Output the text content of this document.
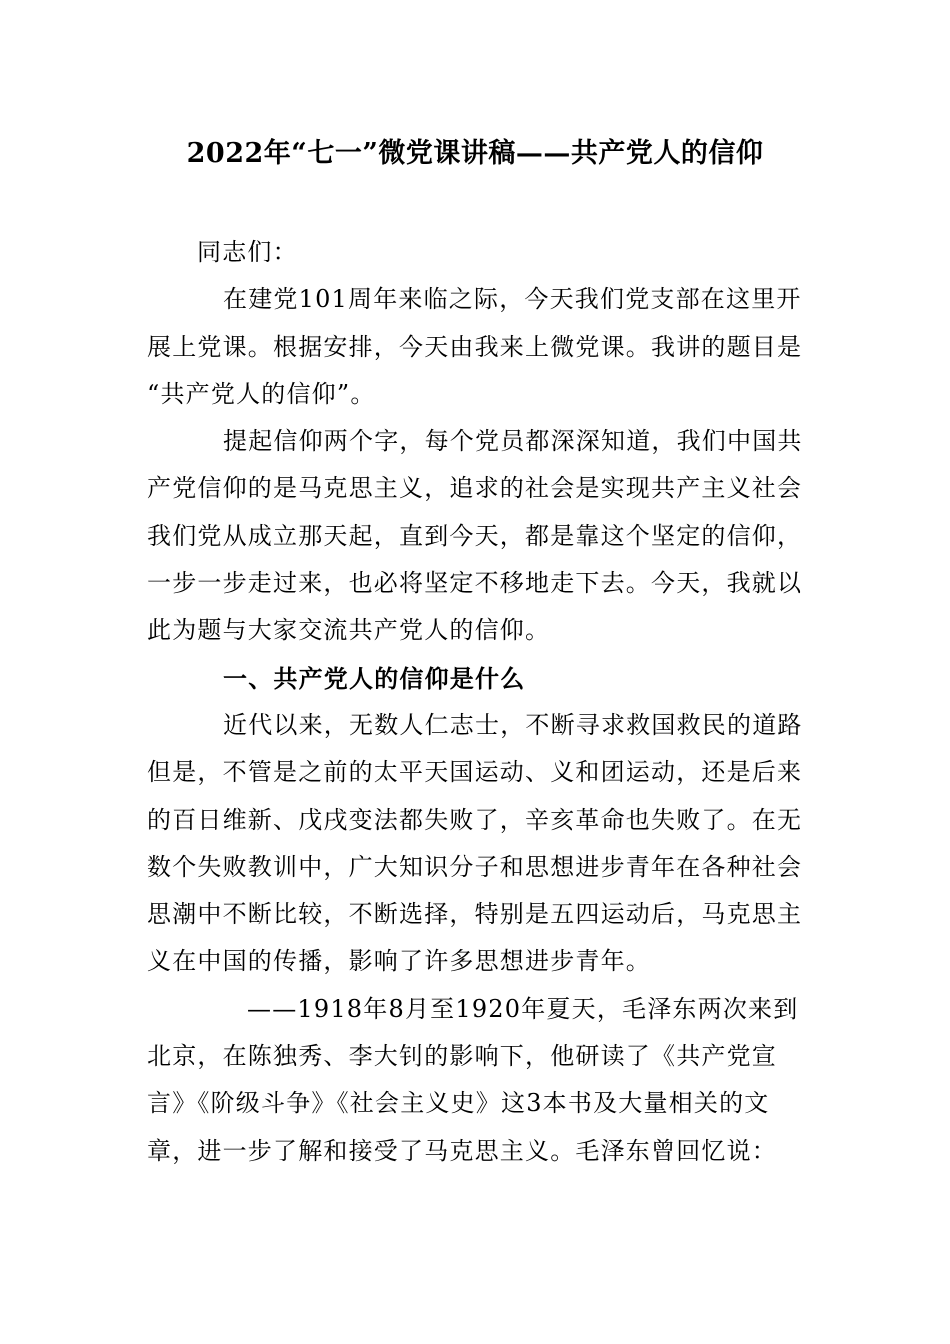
2022年“七一”微党课讲稿——共产党人的信仰
同志们：
在建党101周年来临之际，今天我们党支部在这里开
展上党课。根据安排，今天由我来上微党课。我讲的题目是
“共产党人的信仰”。
提起信仰两个字，每个党员都深深知道，我们中国共
产党信仰的是马克思主义，追求的社会是实现共产主义社会
我们党从成立那天起，直到今天，都是靠这个坚定的信仰，
一步一步走过来，也必将坚定不移地走下去。今天，我就以
此为题与大家交流共产党人的信仰。
一、共产党人的信仰是什么
近代以来，无数人仁志士，不断寻求救国救民的道路
但是，不管是之前的太平天国运动、义和团运动，还是后来
的百日维新、戊戌变法都失败了，辛亥革命也失败了。在无
数个失败教训中，广大知识分子和思想进步青年在各种社会
思潮中不断比较，不断选择，特别是五四运动后，马克思主
义在中国的传播，影响了许多思想进步青年。
——1918年8月至1920年夏天，毛泽东两次来到
北京，在陈独秀、李大钊的影响下，他研读了《共产党宣
言》《阶级斗争》《社会主义史》这3本书及大量相关的文
章，进一步了解和接受了马克思主义。毛泽东曾回忆说：
